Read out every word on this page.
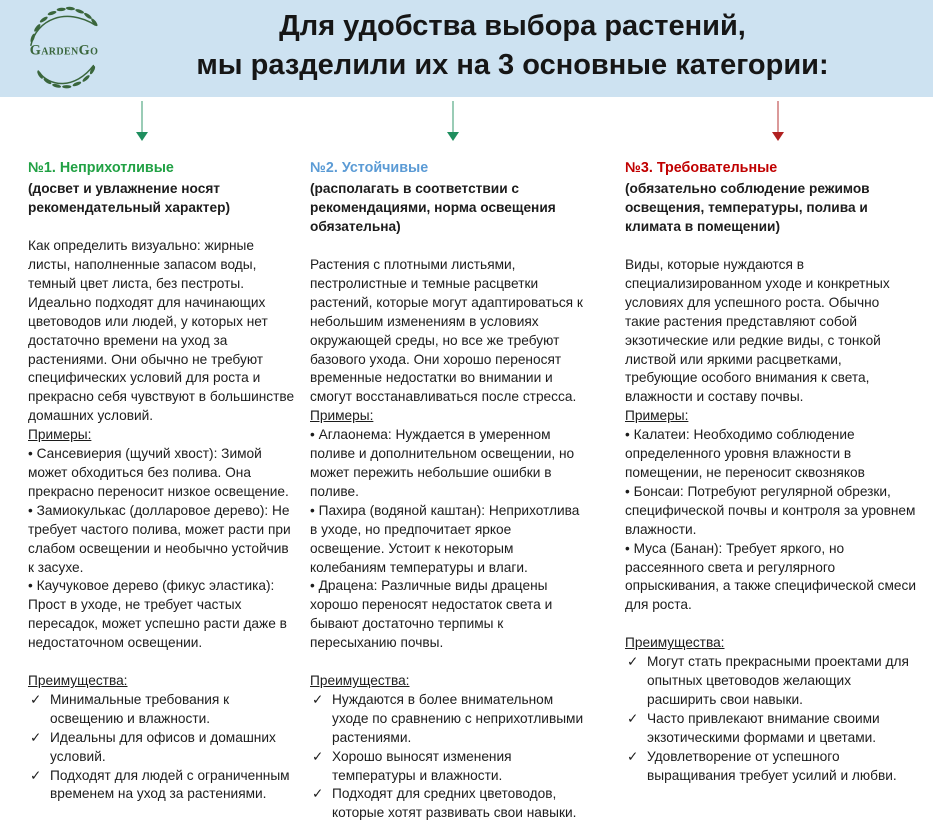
GardenGo
Для удобства выбора растений,
мы разделили их на 3 основные категории:
№1. Неприхотливые

(досвет и увлажнение носят рекомендательный характер)

Как определить визуально: жирные листы, наполненные запасом воды, темный цвет листа, без пестроты. Идеально подходят для начинающих цветоводов или людей, у которых нет достаточно времени на уход за растениями. Они обычно не требуют специфических условий для роста и прекрасно себя чувствуют в большинстве домашних условий.

Примеры:

• Сансевиерия (щучий хвост): Зимой может обходиться без полива. Она прекрасно переносит низкое освещение.

• Замиокулькас (долларовое дерево): Не требует частого полива, может расти при слабом освещении и необычно устойчив к засухе.

• Каучуковое дерево (фикус эластика): Прост в уходе, не требует частых пересадок, может успешно расти даже в недостаточном освещении.

Преимущества:

✓ Минимальные требования к освещению и влажности.

✓ Идеальны для офисов и домашних условий.

✓ Подходят для людей с ограниченным временем на уход за растениями.

№2. Устойчивые

(располагать в соответствии с рекомендациями, норма освещения обязательна)

Растения с плотными листьями, пестролистные и темные расцветки растений, которые могут адаптироваться к небольшим изменениям в условиях окружающей среды, но все же требуют базового ухода. Они хорошо переносят временные недостатки во внимании и смогут восстанавливаться после стресса.

Примеры:

• Аглаонема: Нуждается в умеренном поливе и дополнительном освещении, но может пережить небольшие ошибки в поливе.

• Пахира (водяной каштан): Неприхотлива в уходе, но предпочитает яркое освещение. Устоит к некоторым колебаниям температуры и влаги.

• Драцена: Различные виды драцены хорошо переносят недостаток света и бывают достаточно терпимы к пересыханию почвы.

Преимущества:

✓ Нуждаются в более внимательном уходе по сравнению с неприхотливыми растениями.

✓ Хорошо выносят изменения температуры и влажности.

✓ Подходят для средних цветоводов, которые хотят развивать свои навыки.

№3. Требовательные

(обязательно соблюдение режимов освещения, температуры, полива и климата в помещении)

Виды, которые нуждаются в специализированном уходе и конкретных условиях для успешного роста. Обычно такие растения представляют собой экзотические или редкие виды, с тонкой листвой или яркими расцветками, требующие особого внимания к света, влажности и составу почвы.

Примеры:

• Калатеи: Необходимо соблюдение определенного уровня влажности в помещении, не переносит сквозняков

• Бонсаи: Потребуют регулярной обрезки, специфической почвы и контроля за уровнем влажности.

• Муса (Банан): Требует яркого, но рассеянного света и регулярного опрыскивания, а также специфической смеси для роста.

Преимущества:

✓ Могут стать прекрасными проектами для опытных цветоводов желающих расширить свои навыки.

✓ Часто привлекают внимание своими экзотическими формами и цветами.

✓ Удовлетворение от успешного выращивания требует усилий и любви.
